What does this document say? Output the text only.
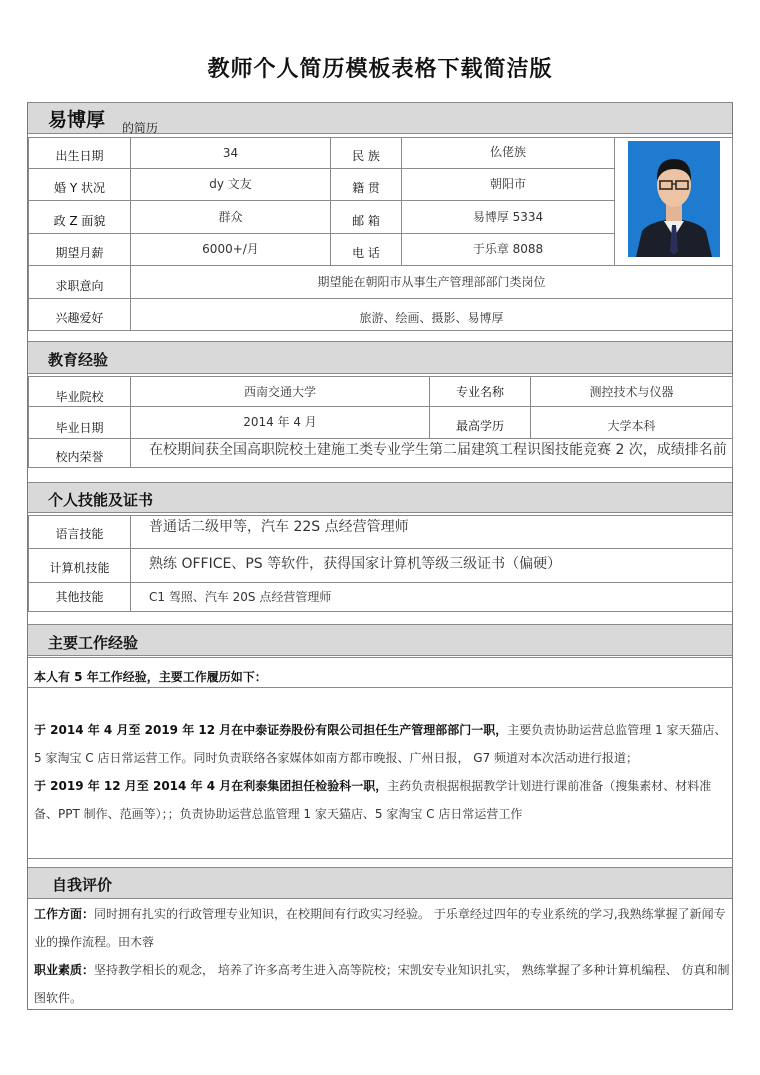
教师个人简历模板表格下载简洁版
易博厚 的简历
出生日期	34	民 族	仫佬族
婚 Y 状况	dy 文友	籍 贯	朝阳市
政 Z 面貌	群众	邮 箱	易博厚 5334
期望月薪	6000+/月	电 话	于乐章 8088
求职意向	期望能在朝阳市从事生产管理部部门类岗位
兴趣爱好	旅游、绘画、摄影、易博厚
教育经验
毕业院校	西南交通大学	专业名称	测控技术与仪器
毕业日期	2014 年 4 月	最高学历	大学本科
校内荣誉	在校期间获全国高职院校土建施工类专业学生第二届建筑工程识图技能竞赛 2 次，成绩排名前
个人技能及证书
语言技能	普通话二级甲等，汽车 22S 点经营管理师
计算机技能	熟练 OFFICE、PS 等软件，获得国家计算机等级三级证书（偏硬）
其他技能	C1 驾照、汽车 20S 点经营管理师
主要工作经验
本人有 5 年工作经验，主要工作履历如下：
于 2014 年 4 月至 2019 年 12 月在中泰证券股份有限公司担任生产管理部部门一职，主要负责协助运营总监管理 1 家天猫店、5 家淘宝 C 店日常运营工作。同时负责联络各家媒体如南方都市晚报、广州日报， G7 频道对本次活动进行报道；
于 2019 年 12 月至 2014 年 4 月在利泰集团担任检验科一职，主药负责根据根据教学计划进行课前准备（搜集素材、材料准备、PPT 制作、范画等）；；负责协助运营总监管理 1 家天猫店、5 家淘宝 C 店日常运营工作
自我评价
工作方面：同时拥有扎实的行政管理专业知识，在校期间有行政实习经验。 于乐章经过四年的专业系统的学习,我熟练掌握了新闻专业的操作流程。田木蓉
职业素质：坚持教学相长的观念， 培养了许多高考生进入高等院校；宋凯安专业知识扎实， 熟练掌握了多种计算机编程、 仿真和制图软件。
